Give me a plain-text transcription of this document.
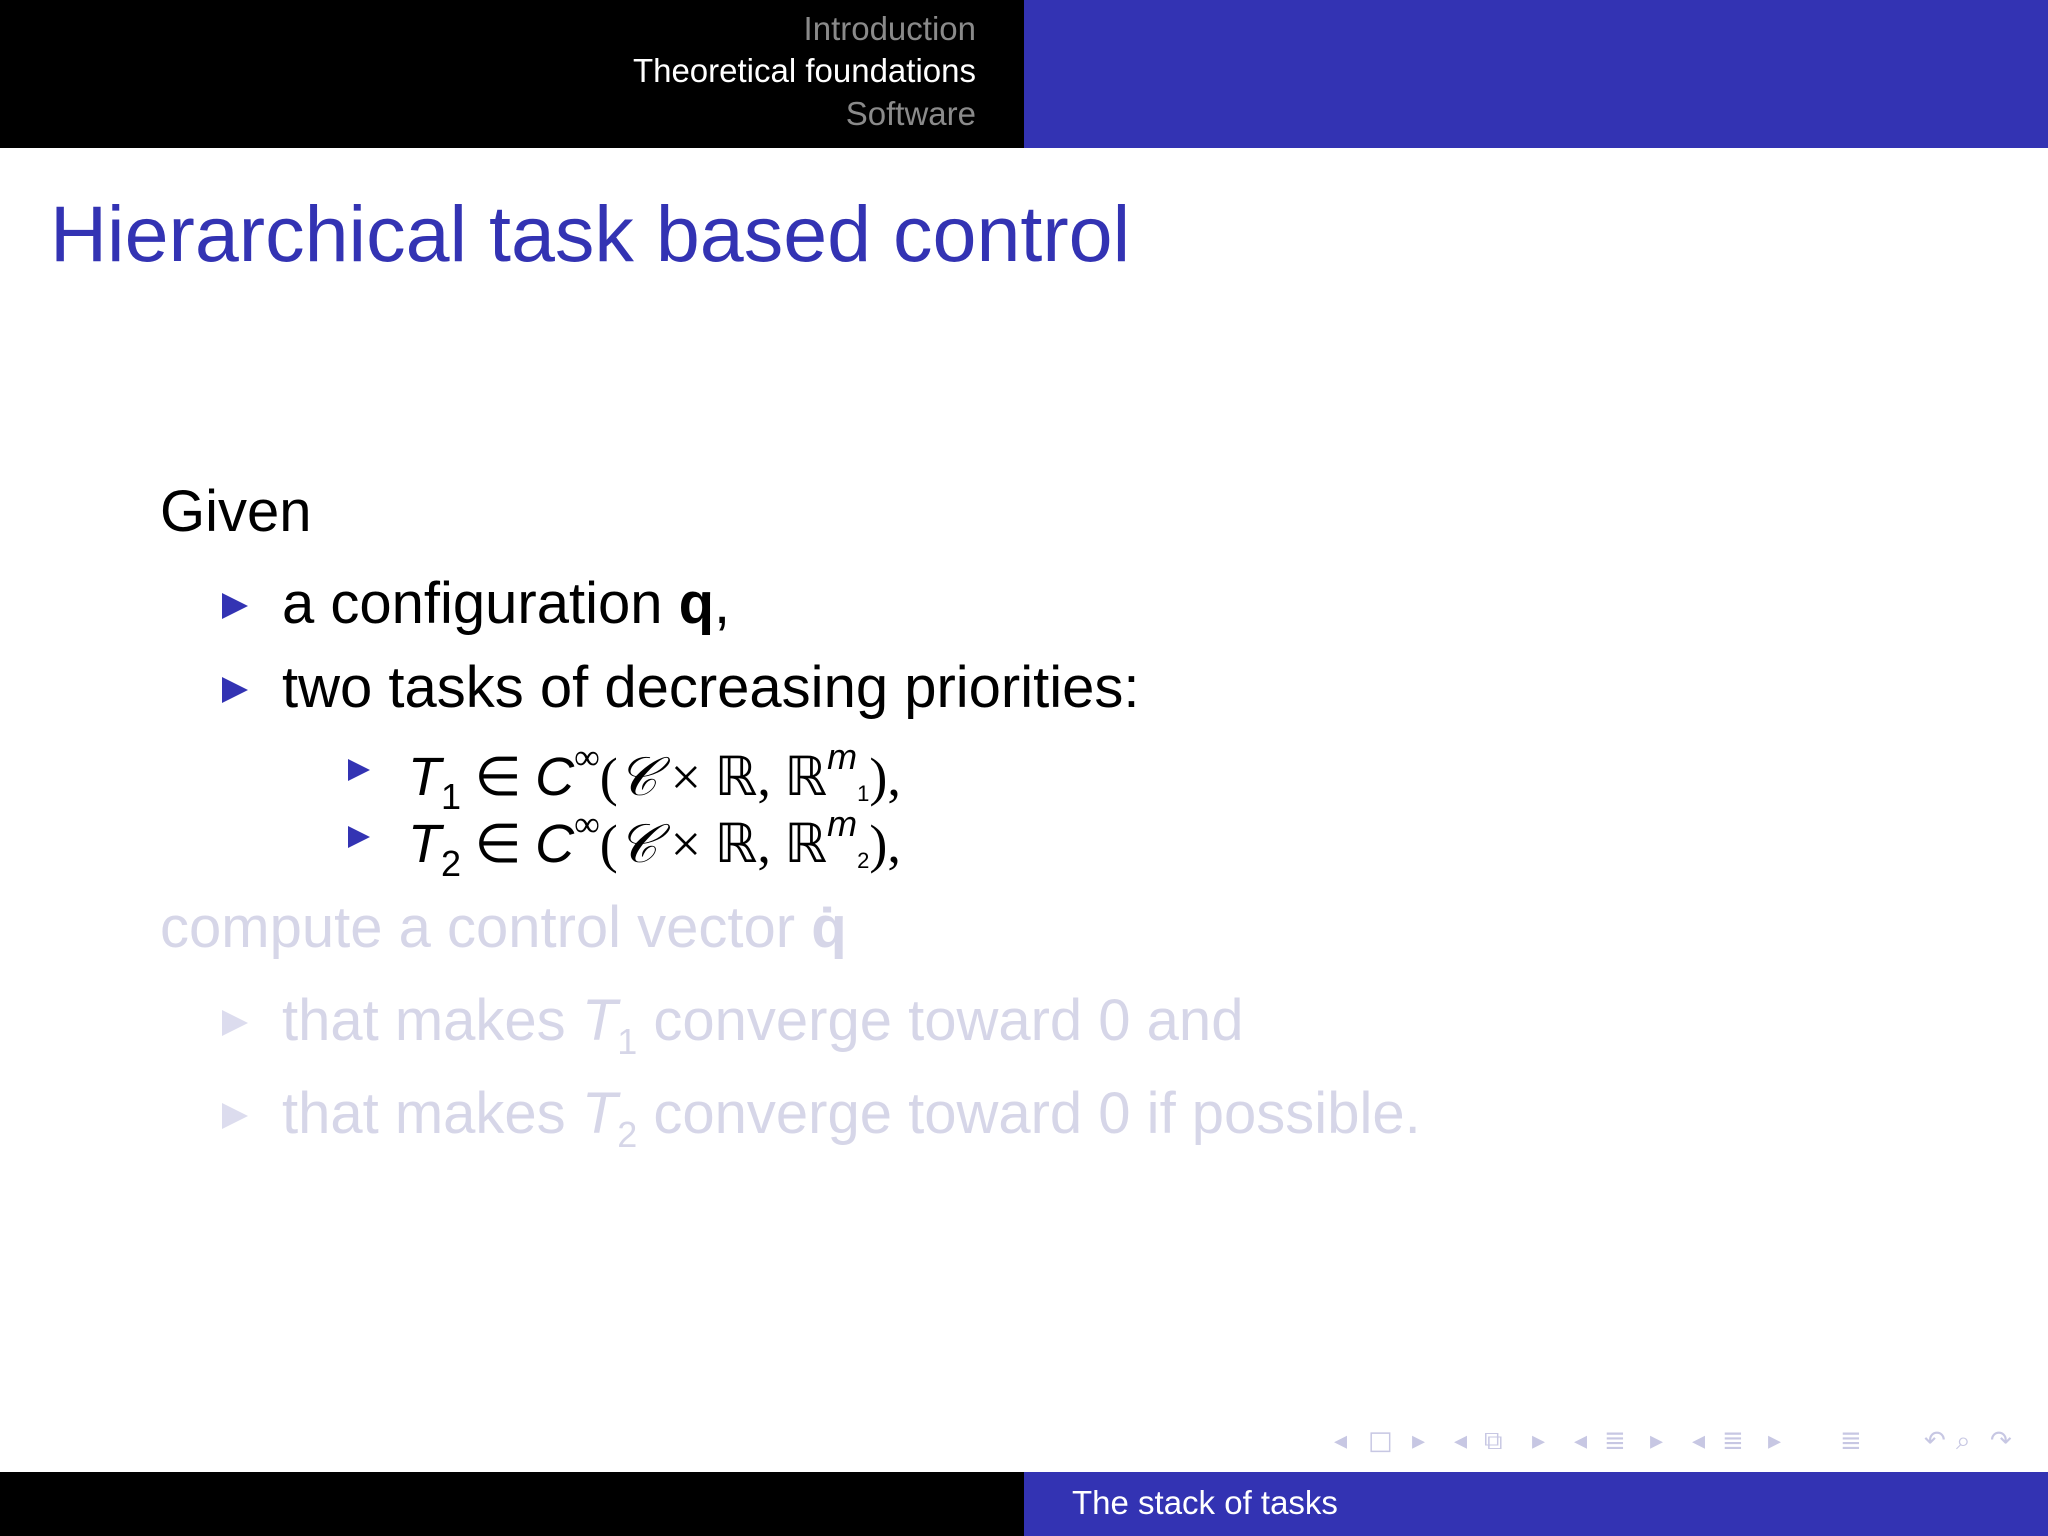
Introduction
Theoretical foundations
Software
Hierarchical task based control
Given
a configuration q,
two tasks of decreasing priorities:
$T_1$ ∈ C∞(𝒞 × ℝ, ℝ$^m$1),
$T_2$ ∈ C∞(𝒞 × ℝ, ℝ$^m$2),
compute a control vector q̇
that makes $T_1$ converge toward 0 and
that makes $T_2$ converge toward 0 if possible.
◂ □ ▸ ◂ ⧉ ▸ ◂ ≣ ▸ ◂ ≣ ▸ ≣ ↶ ⌕ ↷
The stack of tasks
